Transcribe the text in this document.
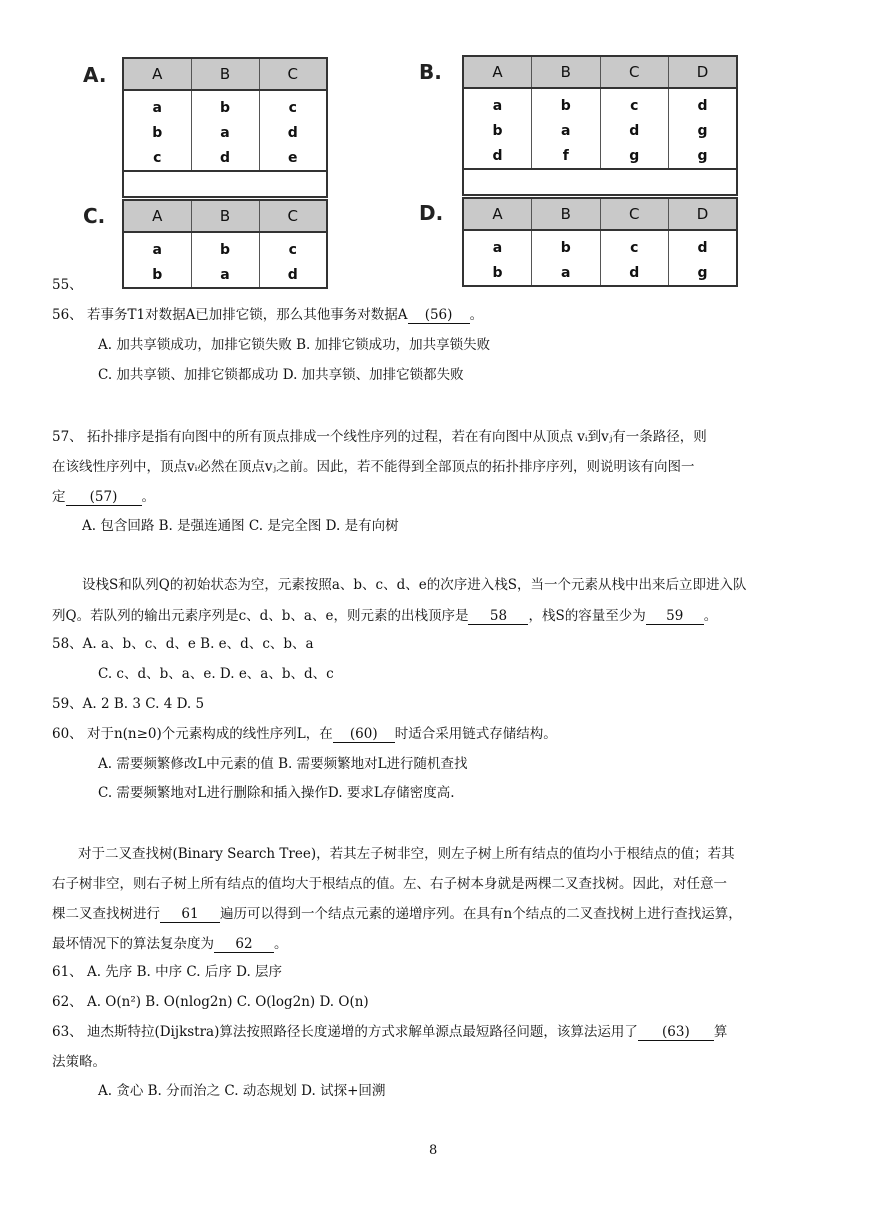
A.	A	B	C
a	b	c
b	a	d
c	d	e
B.	A	B	C	D
a	b	c	d
b	a	d	g
d	f	g	g
C.	A	B	C
a	b	c
b	a	d
D.	A	B	C	D
a	b	c	d
b	a	d	g
55、
56、 若事务T1对数据A已加排它锁，那么其他事务对数据A (56) 。
A. 加共享锁成功，加排它锁失败 B. 加排它锁成功，加共享锁失败
C. 加共享锁、加排它锁都成功 D. 加共享锁、加排它锁都失败
57、 拓扑排序是指有向图中的所有顶点排成一个线性序列的过程，若在有向图中从顶点 vᵢ到vⱼ有一条路径，则
在该线性序列中，顶点vᵢ必然在顶点vⱼ之前。因此，若不能得到全部顶点的拓扑排序序列，则说明该有向图一
定 (57) 。
A. 包含回路 B. 是强连通图 C. 是完全图 D. 是有向树
设栈S和队列Q的初始状态为空，元素按照a、b、c、d、e的次序进入栈S，当一个元素从栈中出来后立即进入队
列Q。若队列的输出元素序列是c、d、b、a、e，则元素的出栈顶序是 58 ，栈S的容量至少为 59 。
58、A. a、b、c、d、e B. e、d、c、b、a
C. c、d、b、a、e. D. e、a、b、d、c
59、A. 2 B. 3 C. 4 D. 5
60、 对于n(n≥0)个元素构成的线性序列L，在 (60) 时适合采用链式存储结构。
A. 需要频繁修改L中元素的值 B. 需要频繁地对L进行随机查找
C. 需要频繁地对L进行删除和插入操作D. 要求L存储密度高.
对于二叉查找树(Binary Search Tree)，若其左子树非空，则左子树上所有结点的值均小于根结点的值；若其
右子树非空，则右子树上所有结点的值均大于根结点的值。左、右子树本身就是两棵二叉查找树。因此，对任意一
棵二叉查找树进行 61 遍历可以得到一个结点元素的递增序列。在具有n个结点的二叉查找树上进行查找运算，
最坏情况下的算法复杂度为 62 。
61、 A. 先序 B. 中序 C. 后序 D. 层序
62、 A. O(n²) B. O(nlog2n) C. O(log2n) D. O(n)
63、 迪杰斯特拉(Dijkstra)算法按照路径长度递增的方式求解单源点最短路径问题，该算法运用了 (63) 算
法策略。
A. 贪心 B. 分而治之 C. 动态规划 D. 试探+回溯
8
